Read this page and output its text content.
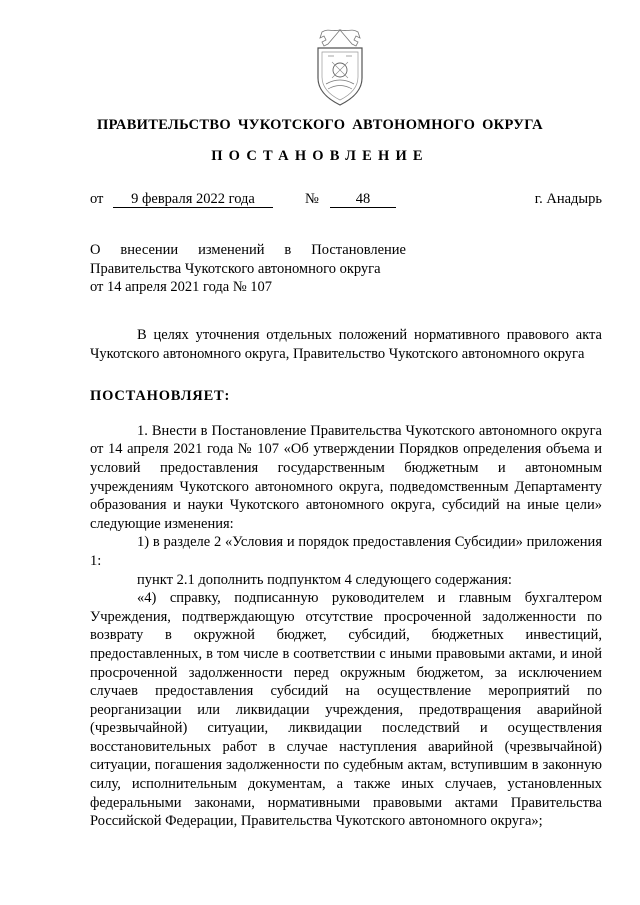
ПРАВИТЕЛЬСТВО ЧУКОТСКОГО АВТОНОМНОГО ОКРУГА
ПОСТАНОВЛЕНИЕ
от	9 февраля 2022 года	№	48	г. Анадырь
О внесении изменений в Постановление Правительства Чукотского автономного округа
от 14 апреля 2021 года № 107

В целях уточнения отдельных положений нормативного правового акта Чукотского автономного округа, Правительство Чукотского автономного округа

ПОСТАНОВЛЯЕТ:

1. Внести в Постановление Правительства Чукотского автономного округа от 14 апреля 2021 года № 107 «Об утверждении Порядков определения объема и условий предоставления государственным бюджетным и автономным учреждениям Чукотского автономного округа, подведомственным Департаменту образования и науки Чукотского автономного округа, субсидий на иные цели» следующие изменения:

1) в разделе 2 «Условия и порядок предоставления Субсидии» приложения 1:

пункт 2.1 дополнить подпунктом 4 следующего содержания:

«4) справку, подписанную руководителем и главным бухгалтером Учреждения, подтверждающую отсутствие просроченной задолженности по возврату в окружной бюджет, субсидий, бюджетных инвестиций, предоставленных, в том числе в соответствии с иными правовыми актами, и иной просроченной задолженности перед окружным бюджетом, за исключением случаев предоставления субсидий на осуществление мероприятий по реорганизации или ликвидации учреждения, предотвращения аварийной (чрезвычайной) ситуации, ликвидации последствий и осуществления восстановительных работ в случае наступления аварийной (чрезвычайной) ситуации, погашения задолженности по судебным актам, вступившим в законную силу, исполнительным документам, а также иных случаев, установленных федеральными законами, нормативными правовыми актами Правительства Российской Федерации, Правительства Чукотского автономного округа»;
